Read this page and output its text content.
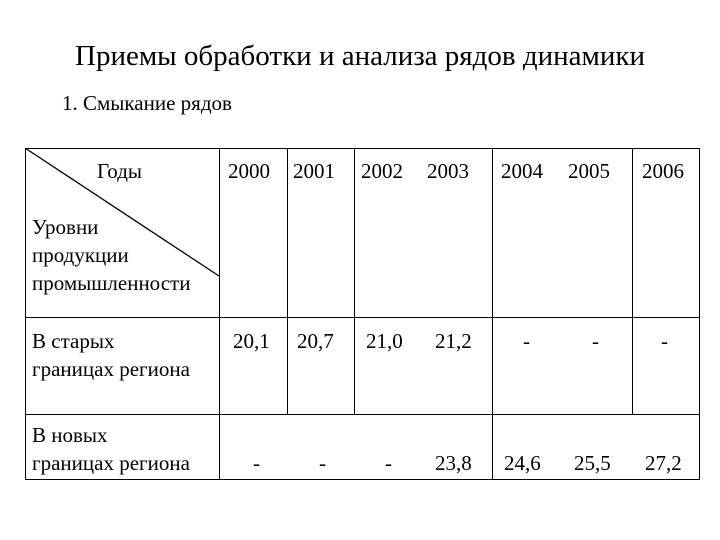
Приемы обработки и анализа рядов динамики
1. Смыкание рядов
Годы
Уровни
продукции
промышленности
2000 2001 2002 2003 2004 2005 2006
В старых
границах региона
20,1 20,7 21,0 21,2 -	-	-
В новых
границах региона	-	-	- 23,8 24,6 25,5 27,2
